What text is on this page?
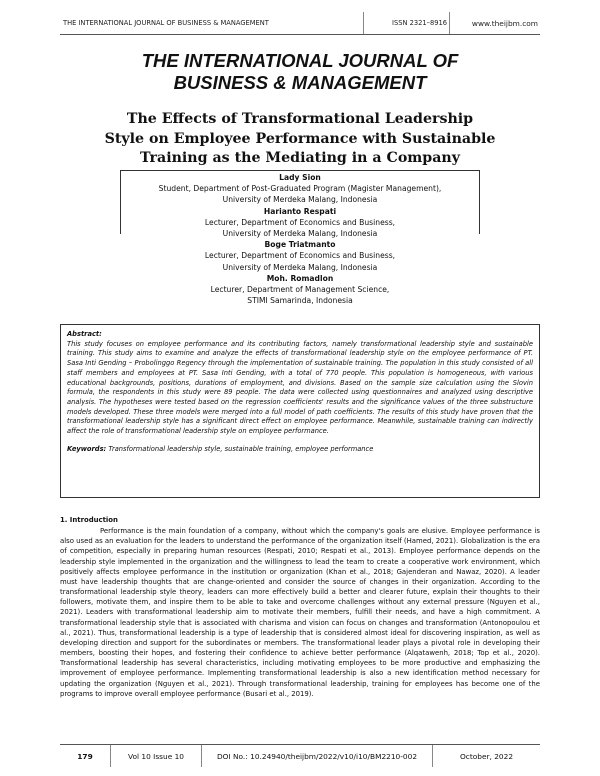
THE INTERNATIONAL JOURNAL OF BUSINESS & MANAGEMENT	ISSN 2321–8916	www.theijbm.com
THE INTERNATIONAL JOURNAL OF
BUSINESS & MANAGEMENT
The Effects of Transformational Leadership
Style on Employee Performance with Sustainable
Training as the Mediating in a Company
Lady Sion
Student, Department of Post-Graduated Program (Magister Management),
University of Merdeka Malang, Indonesia
Harianto Respati
Lecturer, Department of Economics and Business,
University of Merdeka Malang, Indonesia
Boge Triatmanto
Lecturer, Department of Economics and Business,
University of Merdeka Malang, Indonesia
Moh. Romadlon
Lecturer, Department of Management Science,
STIMI Samarinda, Indonesia
Abstract:
This study focuses on employee performance and its contributing factors, namely transformational leadership style and sustainable training. This study aims to examine and analyze the effects of transformational leadership style on the employee performance of PT. Sasa Inti Gending – Probolinggo Regency through the implementation of sustainable training. The population in this study consisted of all staff members and employees at PT. Sasa Inti Gending, with a total of 770 people. This population is homogeneous, with various educational backgrounds, positions, durations of employment, and divisions. Based on the sample size calculation using the Slovin formula, the respondents in this study were 89 people. The data were collected using questionnaires and analyzed using descriptive analysis. The hypotheses were tested based on the regression coefficients' results and the significance values of the three substructure models developed. These three models were merged into a full model of path coefficients. The results of this study have proven that the transformational leadership style has a significant direct effect on employee performance. Meanwhile, sustainable training can indirectly affect the role of transformational leadership style on employee performance.
Keywords: Transformational leadership style, sustainable training, employee performance
1. Introduction

Performance is the main foundation of a company, without which the company's goals are elusive. Employee performance is also used as an evaluation for the leaders to understand the performance of the organization itself (Hamed, 2021). Globalization is the era of competition, especially in preparing human resources (Respati, 2010; Respati et al., 2013). Employee performance depends on the leadership style implemented in the organization and the willingness to lead the team to create a cooperative work environment, which positively affects employee performance in the institution or organization (Khan et al., 2018; Gajenderan and Nawaz, 2020). A leader must have leadership thoughts that are change-oriented and consider the source of changes in their organization. According to the transformational leadership style theory, leaders can more effectively build a better and clearer future, explain their thoughts to their followers, motivate them, and inspire them to be able to take and overcome challenges without any external pressure (Nguyen et al., 2021). Leaders with transformational leadership aim to motivate their members, fulfill their needs, and have a high commitment. A transformational leadership style that is associated with charisma and vision can focus on changes and transformation (Antonopoulou et al., 2021). Thus, transformational leadership is a type of leadership that is considered almost ideal for discovering inspiration, as well as developing direction and support for the subordinates or members. The transformational leader plays a pivotal role in developing their members, boosting their hopes, and fostering their confidence to achieve better performance (Alqatawenh, 2018; Top et al., 2020). Transformational leadership has several characteristics, including motivating employees to be more productive and emphasizing the improvement of employee performance. Implementing transformational leadership is also a new identification method necessary for updating the organization (Nguyen et al., 2021). Through transformational leadership, training for employees has become one of the programs to improve overall employee performance (Busari et al., 2019).

179	Vol 10 Issue 10	DOI No.: 10.24940/theijbm/2022/v10/i10/BM2210-002	October, 2022
